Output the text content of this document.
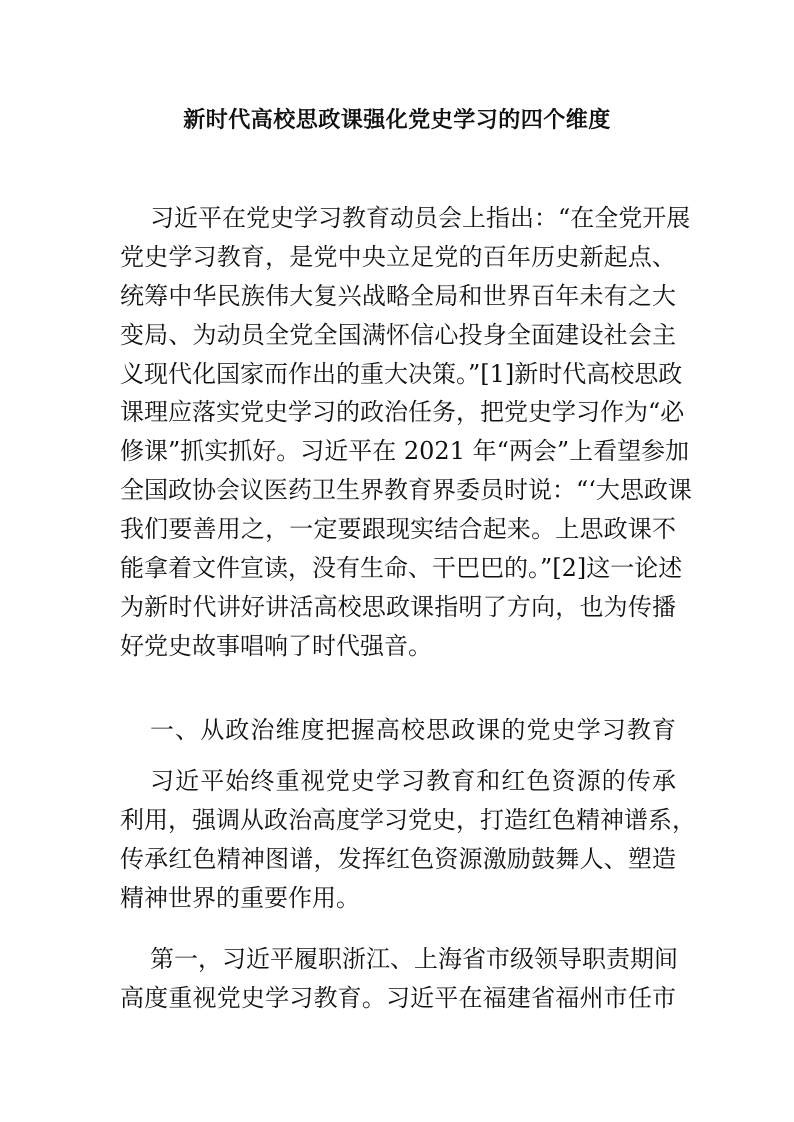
新时代高校思政课强化党史学习的四个维度
习近平在党史学习教育动员会上指出：“在全党开展
党史学习教育，是党中央立足党的百年历史新起点、
统筹中华民族伟大复兴战略全局和世界百年未有之大
变局、为动员全党全国满怀信心投身全面建设社会主
义现代化国家而作出的重大决策。”[1]新时代高校思政
课理应落实党史学习的政治任务，把党史学习作为“必
修课”抓实抓好。习近平在 2021 年“两会”上看望参加
全国政协会议医药卫生界教育界委员时说：“‘大思政课
我们要善用之，一定要跟现实结合起来。上思政课不
能拿着文件宣读，没有生命、干巴巴的。”[2]这一论述
为新时代讲好讲活高校思政课指明了方向，也为传播
好党史故事唱响了时代强音。
一、从政治维度把握高校思政课的党史学习教育
习近平始终重视党史学习教育和红色资源的传承
利用，强调从政治高度学习党史，打造红色精神谱系，
传承红色精神图谱，发挥红色资源激励鼓舞人、塑造
精神世界的重要作用。
第一，习近平履职浙江、上海省市级领导职责期间
高度重视党史学习教育。习近平在福建省福州市任市
